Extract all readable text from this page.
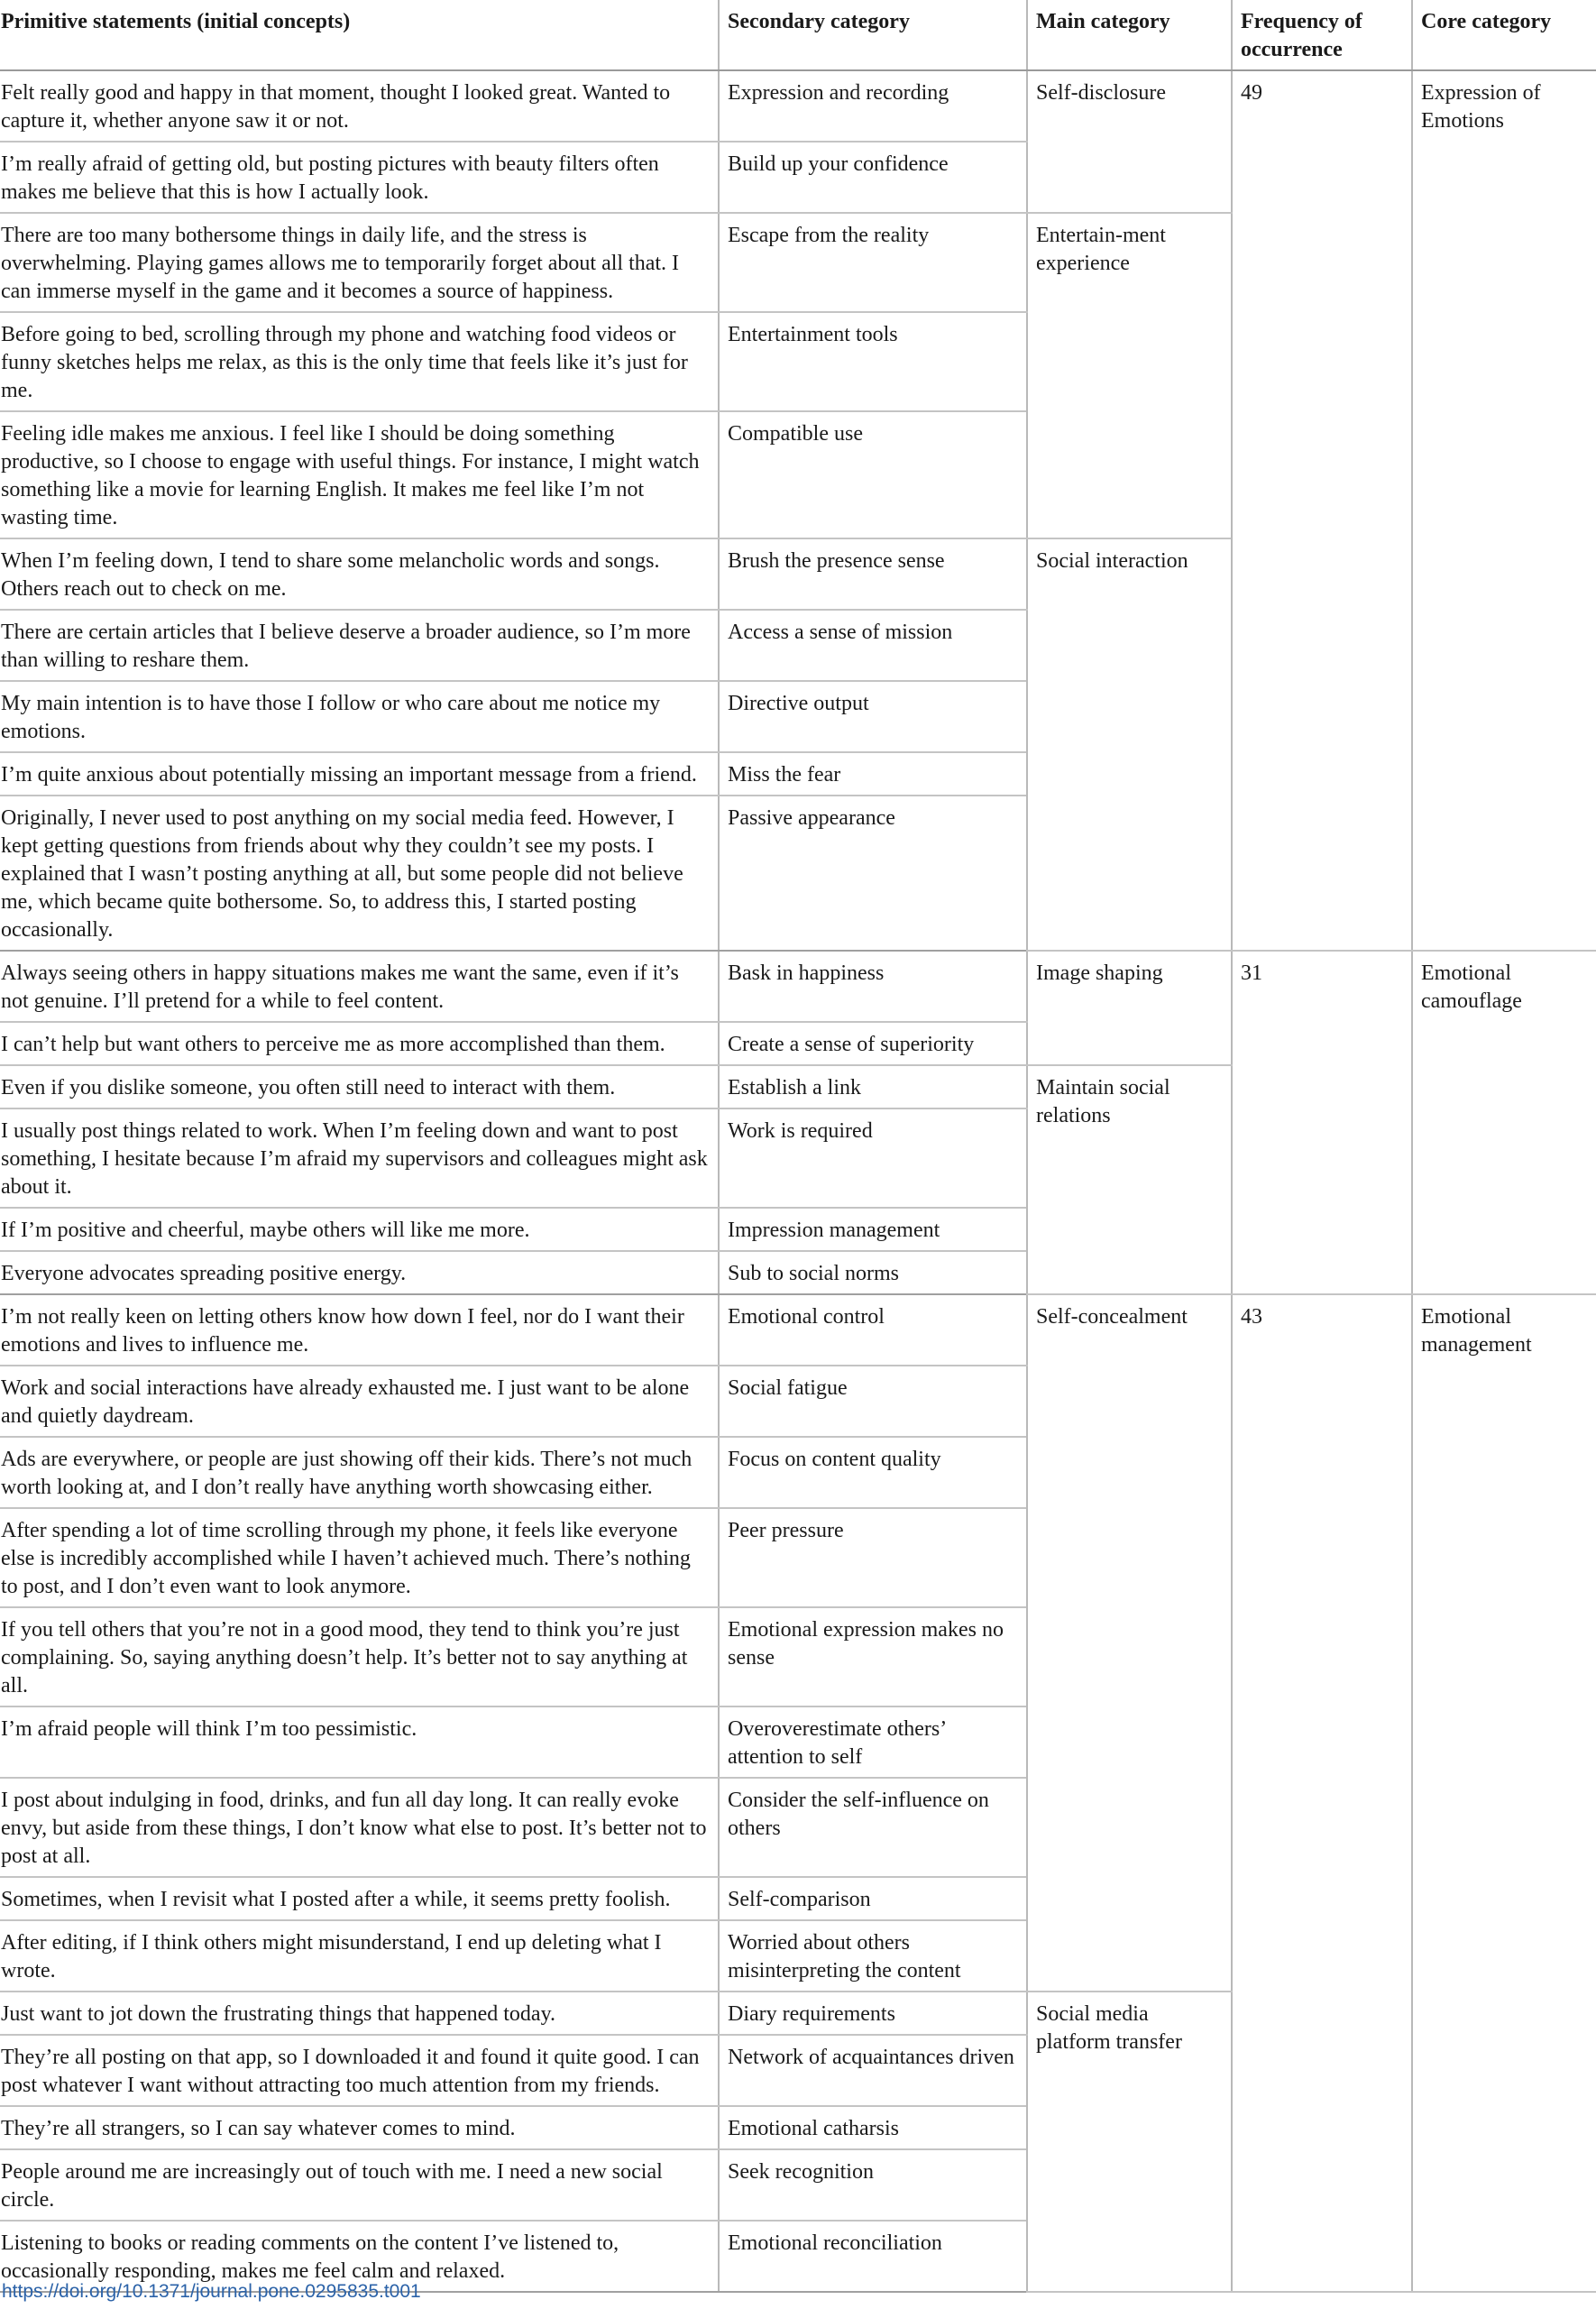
Primitive statements (initial concepts)	Secondary category	Main category	Frequency of occurrence	Core category
Felt really good and happy in that moment, thought I looked great. Wanted to capture it, whether anyone saw it or not.	Expression and recording	Self-disclosure	49	Expression of Emotions
I’m really afraid of getting old, but posting pictures with beauty filters often makes me believe that this is how I actually look.	Build up your confidence			
There are too many bothersome things in daily life, and the stress is overwhelming. Playing games allows me to temporarily forget about all that. I can immerse myself in the game and it becomes a source of happiness.	Escape from the reality	Entertain-ment experience		
Before going to bed, scrolling through my phone and watching food videos or funny sketches helps me relax, as this is the only time that feels like it’s just for me.	Entertainment tools			
Feeling idle makes me anxious. I feel like I should be doing something productive, so I choose to engage with useful things. For instance, I might watch something like a movie for learning English. It makes me feel like I’m not wasting time.	Compatible use			
When I’m feeling down, I tend to share some melancholic words and songs. Others reach out to check on me.	Brush the presence sense	Social interaction		
There are certain articles that I believe deserve a broader audience, so I’m more than willing to reshare them.	Access a sense of mission			
My main intention is to have those I follow or who care about me notice my emotions.	Directive output			
I’m quite anxious about potentially missing an important message from a friend.	Miss the fear			
Originally, I never used to post anything on my social media feed. However, I kept getting questions from friends about why they couldn’t see my posts. I explained that I wasn’t posting anything at all, but some people did not believe me, which became quite bothersome. So, to address this, I started posting occasionally.	Passive appearance			
Always seeing others in happy situations makes me want the same, even if it’s not genuine. I’ll pretend for a while to feel content.	Bask in happiness	Image shaping	31	Emotional camouflage
I can’t help but want others to perceive me as more accomplished than them.	Create a sense of superiority			
Even if you dislike someone, you often still need to interact with them.	Establish a link	Maintain social relations		
I usually post things related to work. When I’m feeling down and want to post something, I hesitate because I’m afraid my supervisors and colleagues might ask about it.	Work is required			
If I’m positive and cheerful, maybe others will like me more.	Impression management			
Everyone advocates spreading positive energy.	Sub to social norms			
I’m not really keen on letting others know how down I feel, nor do I want their emotions and lives to influence me.	Emotional control	Self-concealment	43	Emotional management
Work and social interactions have already exhausted me. I just want to be alone and quietly daydream.	Social fatigue			
Ads are everywhere, or people are just showing off their kids. There’s not much worth looking at, and I don’t really have anything worth showcasing either.	Focus on content quality			
After spending a lot of time scrolling through my phone, it feels like everyone else is incredibly accomplished while I haven’t achieved much. There’s nothing to post, and I don’t even want to look anymore.	Peer pressure			
If you tell others that you’re not in a good mood, they tend to think you’re just complaining. So, saying anything doesn’t help. It’s better not to say anything at all.	Emotional expression makes no sense			
I’m afraid people will think I’m too pessimistic.	Overoverestimate others’ attention to self			
I post about indulging in food, drinks, and fun all day long. It can really evoke envy, but aside from these things, I don’t know what else to post. It’s better not to post at all.	Consider the self-influence on others			
Sometimes, when I revisit what I posted after a while, it seems pretty foolish.	Self-comparison			
After editing, if I think others might misunderstand, I end up deleting what I wrote.	Worried about others misinterpreting the content			
Just want to jot down the frustrating things that happened today.	Diary requirements	Social media platform transfer		
They’re all posting on that app, so I downloaded it and found it quite good. I can post whatever I want without attracting too much attention from my friends.	Network of acquaintances driven			
They’re all strangers, so I can say whatever comes to mind.	Emotional catharsis			
People around me are increasingly out of touch with me. I need a new social circle.	Seek recognition			
Listening to books or reading comments on the content I’ve listened to, occasionally responding, makes me feel calm and relaxed.	Emotional reconciliation			
https://doi.org/10.1371/journal.pone.0295835.t001
